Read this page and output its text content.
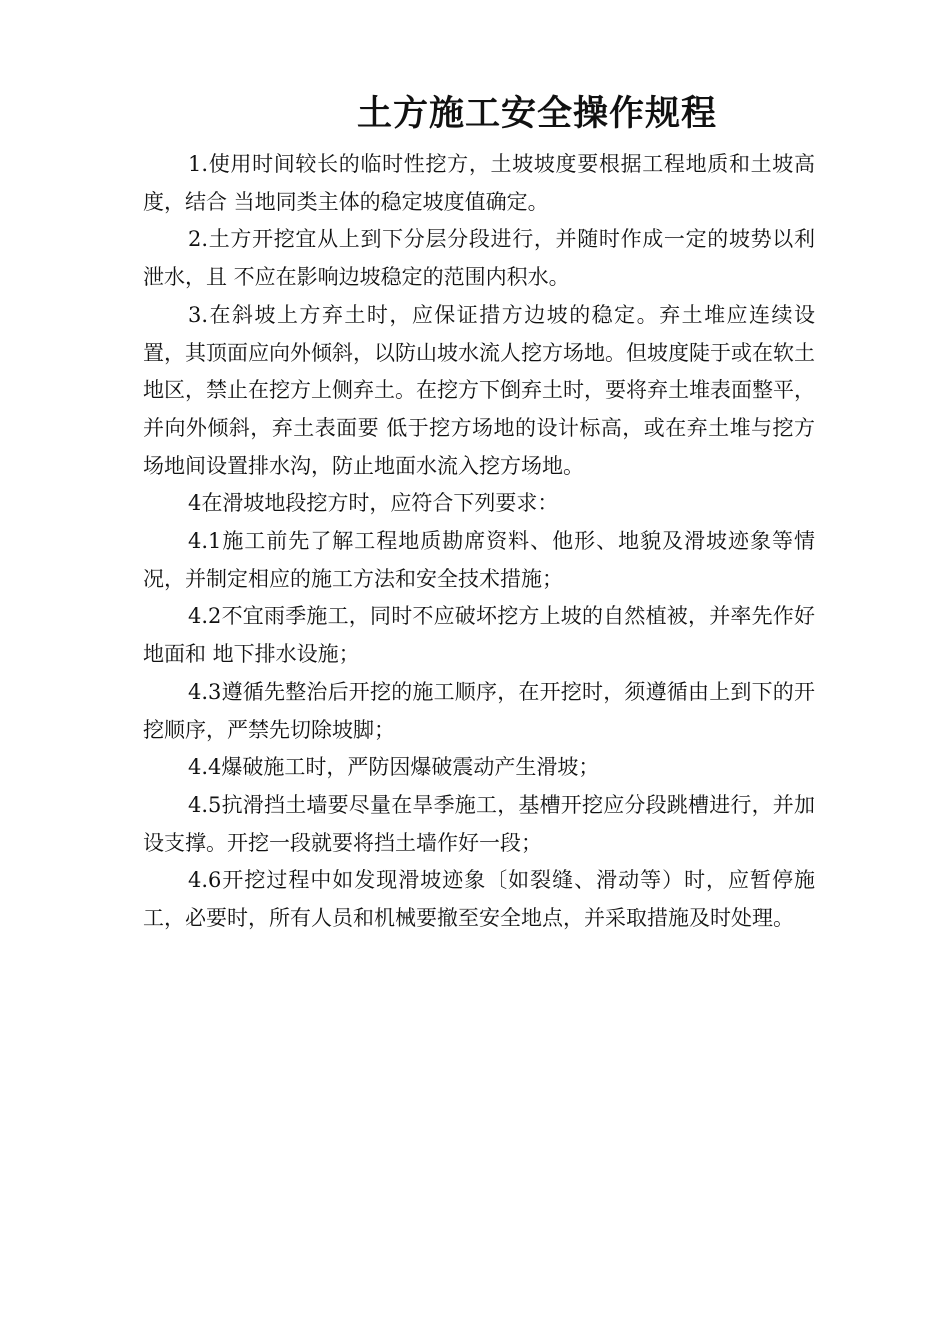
土方施工安全操作规程

1.使用时间较长的临时性挖方，土坡坡度要根据工程地质和土坡高度，结合 当地同类主体的稳定坡度值确定。

2.土方开挖宜从上到下分层分段进行，并随时作成一定的坡势以利泄水，且 不应在影响边坡稳定的范围内积水。

3.在斜坡上方弃土时，应保证措方边坡的稳定。弃土堆应连续设置，其顶面应向外倾斜，以防山坡水流人挖方场地。但坡度陡于或在软土地区，禁止在挖方上侧弃土。在挖方下倒弃土时，要将弃土堆表面整平，并向外倾斜，弃土表面要 低于挖方场地的设计标高，或在弃土堆与挖方场地间设置排水沟，防止地面水流入挖方场地。

4在滑坡地段挖方时，应符合下列要求：

4.1施工前先了解工程地质勘席资料、他形、地貌及滑坡迹象等情况，并制定相应的施工方法和安全技术措施；

4.2不宜雨季施工，同时不应破坏挖方上坡的自然植被，并率先作好地面和 地下排水设施；

4.3遵循先整治后开挖的施工顺序，在开挖时，须遵循由上到下的开挖顺序，严禁先切除坡脚；

4.4爆破施工时，严防因爆破震动产生滑坡；

4.5抗滑挡土墙要尽量在旱季施工，基槽开挖应分段跳槽进行，并加设支撑。开挖一段就要将挡土墙作好一段；

4.6开挖过程中如发现滑坡迹象〔如裂缝、滑动等）时，应暂停施工，必要时，所有人员和机械要撤至安全地点，并采取措施及时处理。
